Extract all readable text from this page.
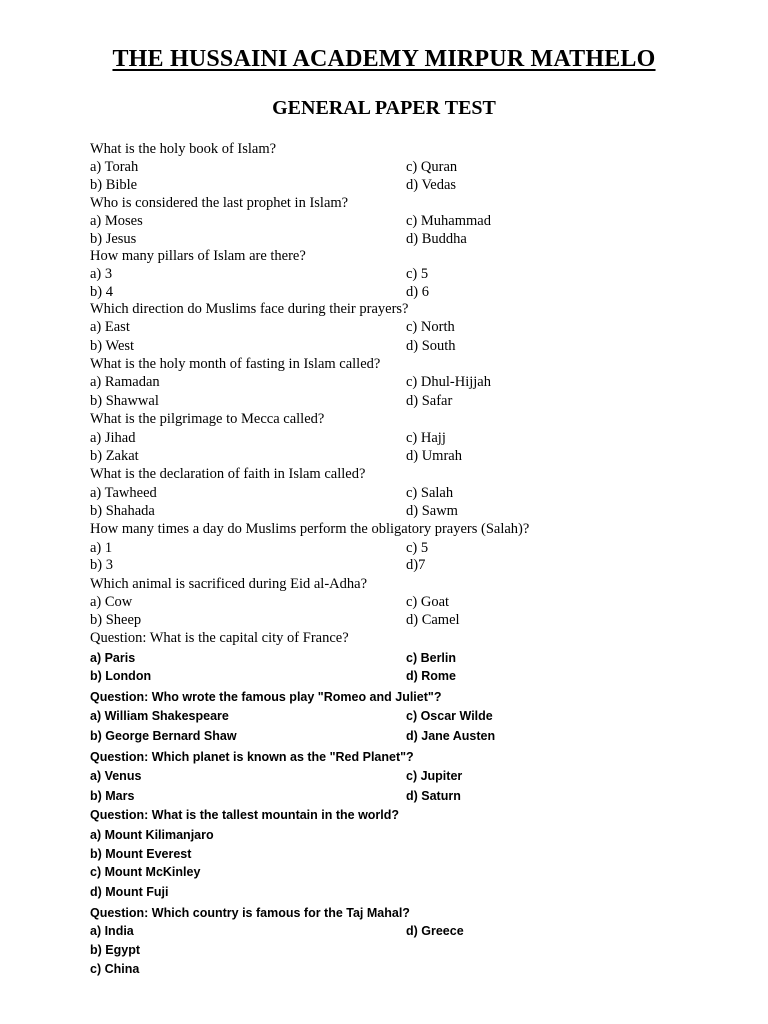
THE HUSSAINI ACADEMY MIRPUR MATHELO
GENERAL PAPER TEST
What is the holy book of Islam?
a) Torah	c) Quran
b) Bible	d) Vedas
Who is considered the last prophet in Islam?
a) Moses	c) Muhammad
b) Jesus	d) Buddha
How many pillars of Islam are there?
a) 3	c) 5
b) 4	d) 6
Which direction do Muslims face during their prayers?
a) East	c) North
b) West	d) South
What is the holy month of fasting in Islam called?
a) Ramadan	c) Dhul-Hijjah
b) Shawwal	d) Safar
What is the pilgrimage to Mecca called?
a) Jihad	c) Hajj
b) Zakat	d) Umrah
What is the declaration of faith in Islam called?
a) Tawheed	c) Salah
b) Shahada	d) Sawm
How many times a day do Muslims perform the obligatory prayers (Salah)?
a) 1	c) 5
b) 3	d)7
Which animal is sacrificed during Eid al-Adha?
a) Cow	c) Goat
b) Sheep	d) Camel
Question: What is the capital city of France?
a) Paris	c) Berlin
b) London	d) Rome
Question: Who wrote the famous play "Romeo and Juliet"?
a) William Shakespeare	c) Oscar Wilde
b) George Bernard Shaw	d) Jane Austen
Question: Which planet is known as the "Red Planet"?
a) Venus	c) Jupiter
b) Mars	d) Saturn
Question: What is the tallest mountain in the world?
a) Mount Kilimanjaro
b) Mount Everest
c) Mount McKinley
d) Mount Fuji
Question: Which country is famous for the Taj Mahal?
a) India	d) Greece
b) Egypt
c) China
